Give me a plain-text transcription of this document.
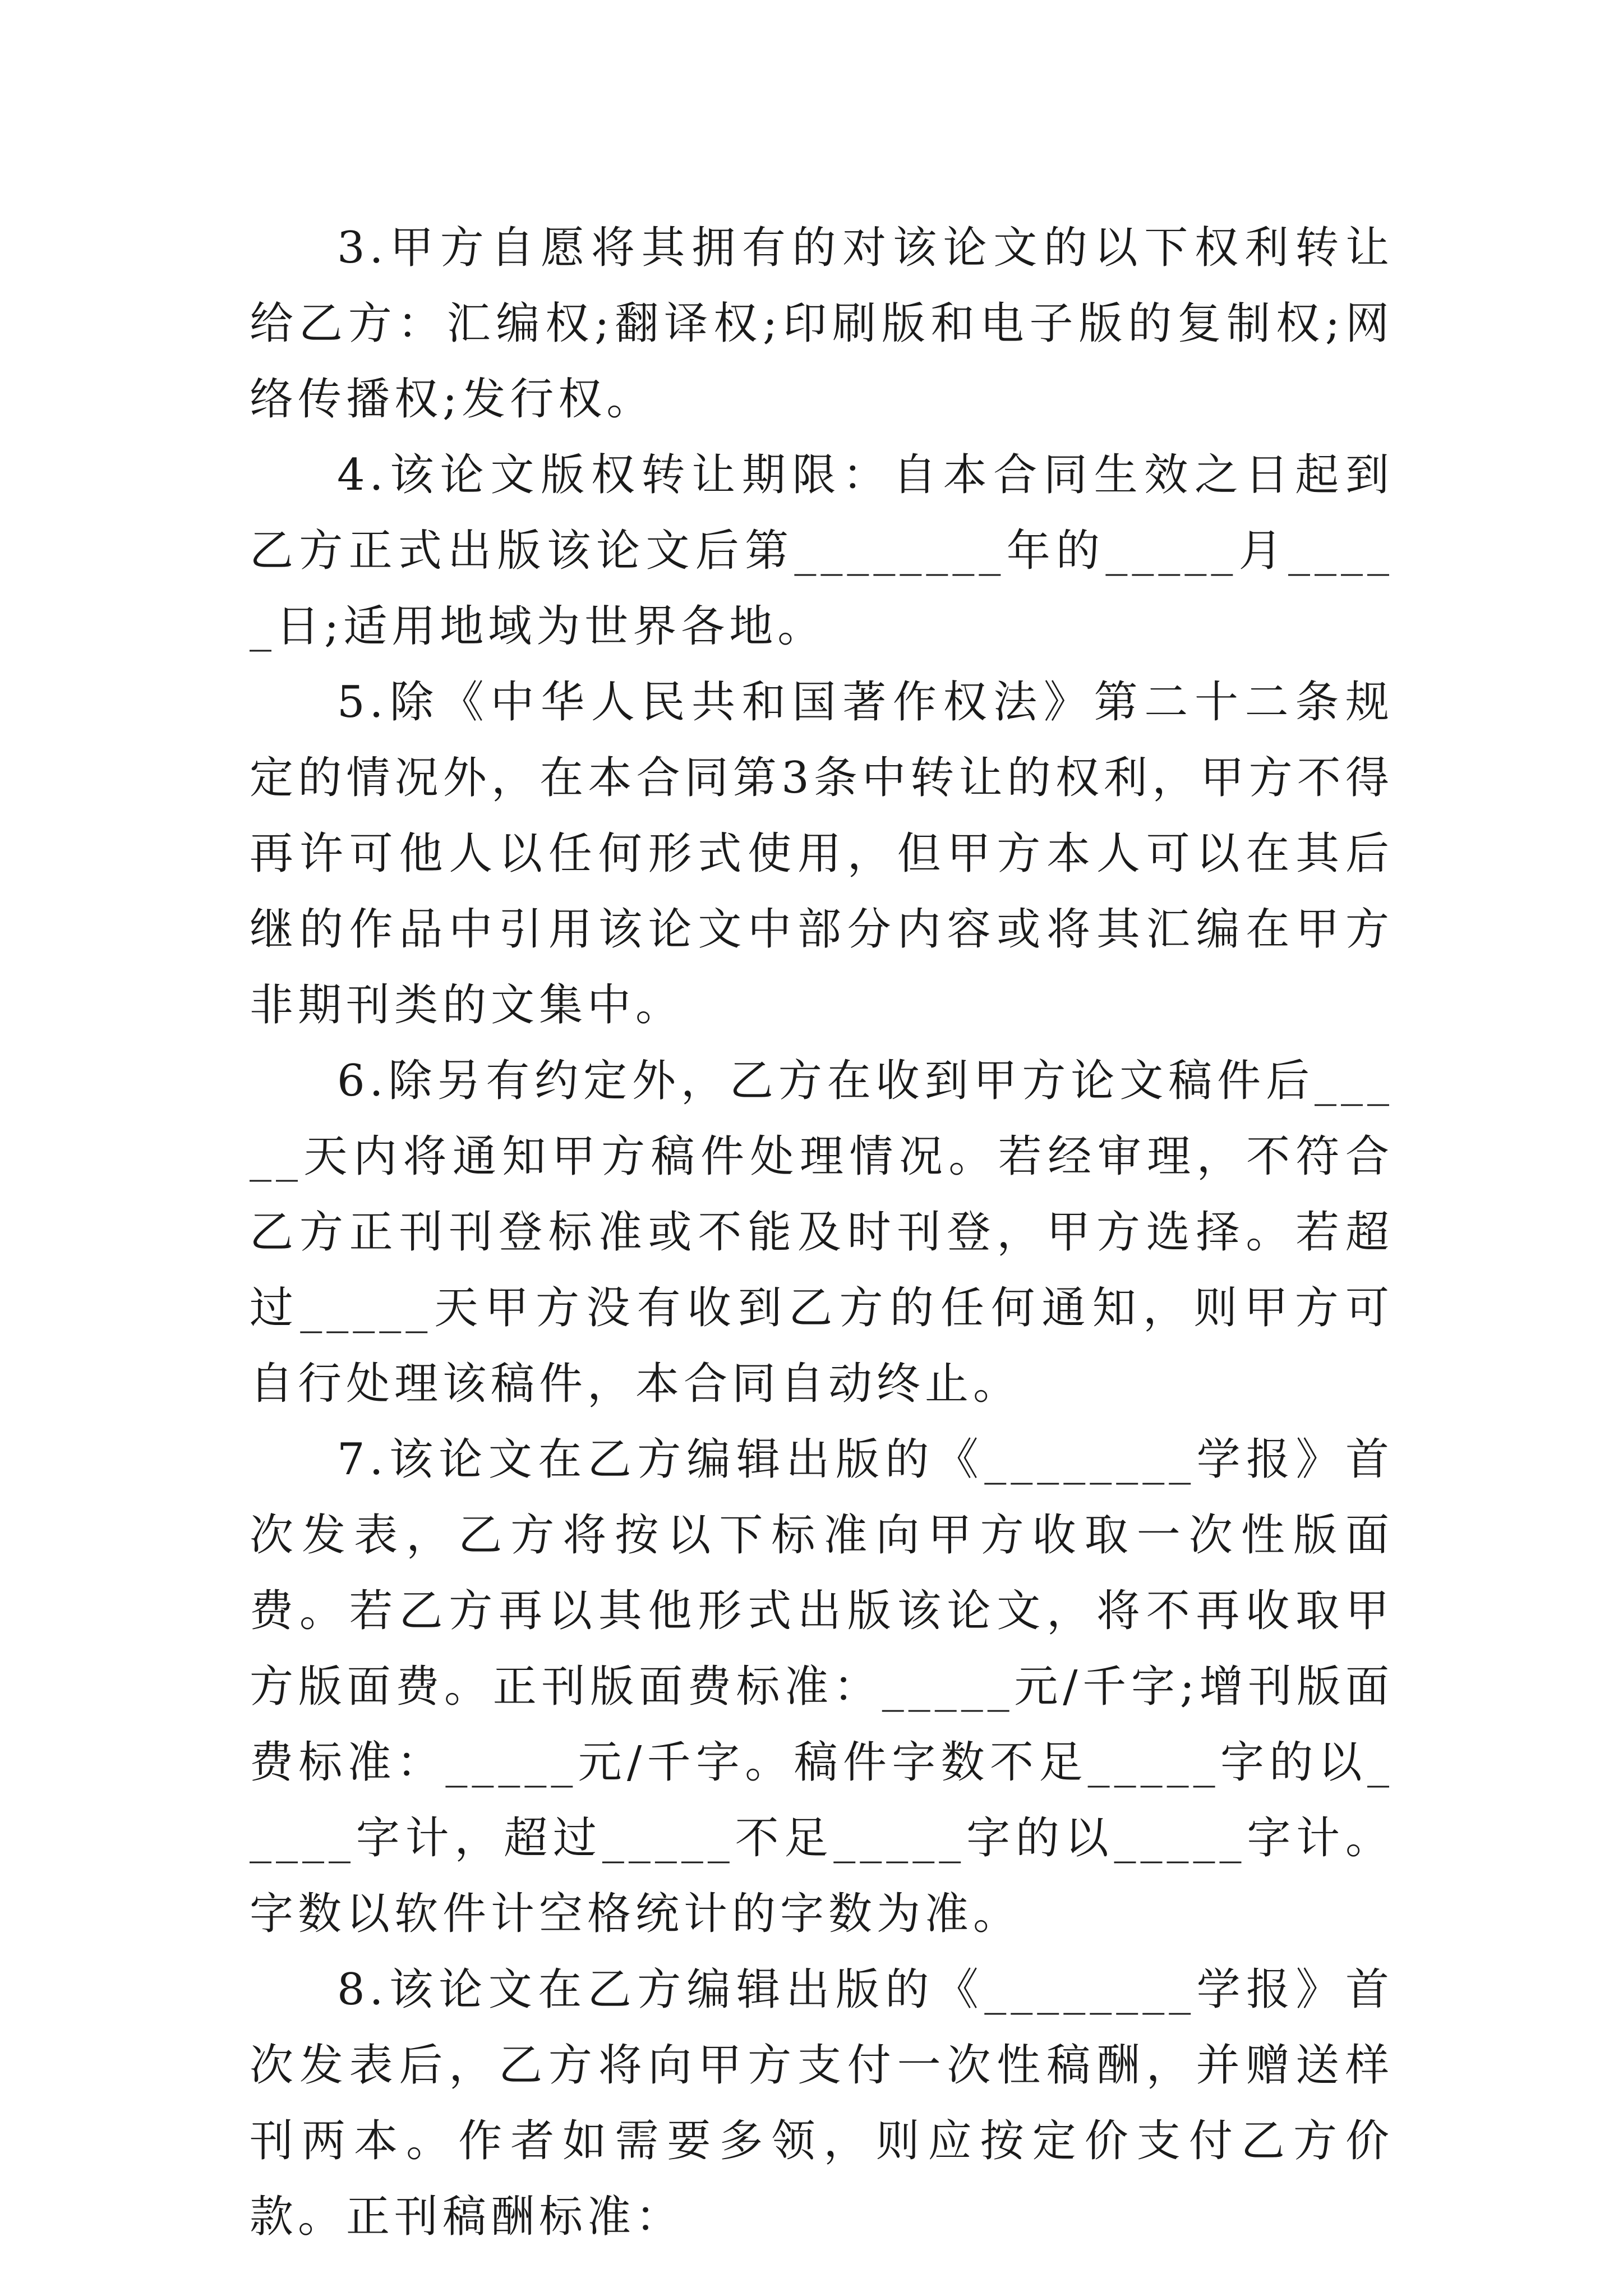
3.甲方自愿将其拥有的对该论文的以下权利转让给乙方：汇编权;翻译权;印刷版和电子版的复制权;网络传播权;发行权。

4.该论文版权转让期限：自本合同生效之日起到乙方正式出版该论文后第________年的_____月_____日;适用地域为世界各地。

5.除《中华人民共和国著作权法》第二十二条规定的情况外，在本合同第3条中转让的权利，甲方不得再许可他人以任何形式使用，但甲方本人可以在其后继的作品中引用该论文中部分内容或将其汇编在甲方非期刊类的文集中。

6.除另有约定外，乙方在收到甲方论文稿件后_____天内将通知甲方稿件处理情况。若经审理，不符合乙方正刊刊登标准或不能及时刊登，甲方选择。若超过_____天甲方没有收到乙方的任何通知，则甲方可自行处理该稿件，本合同自动终止。

7.该论文在乙方编辑出版的《________学报》首次发表，乙方将按以下标准向甲方收取一次性版面费。若乙方再以其他形式出版该论文，将不再收取甲方版面费。正刊版面费标准：_____元/千字;增刊版面费标准：_____元/千字。稿件字数不足_____字的以_____字计，超过_____不足_____字的以_____字计。字数以软件计空格统计的字数为准。

8.该论文在乙方编辑出版的《________学报》首次发表后，乙方将向甲方支付一次性稿酬，并赠送样刊两本。作者如需要多领，则应按定价支付乙方价款。正刊稿酬标准：
